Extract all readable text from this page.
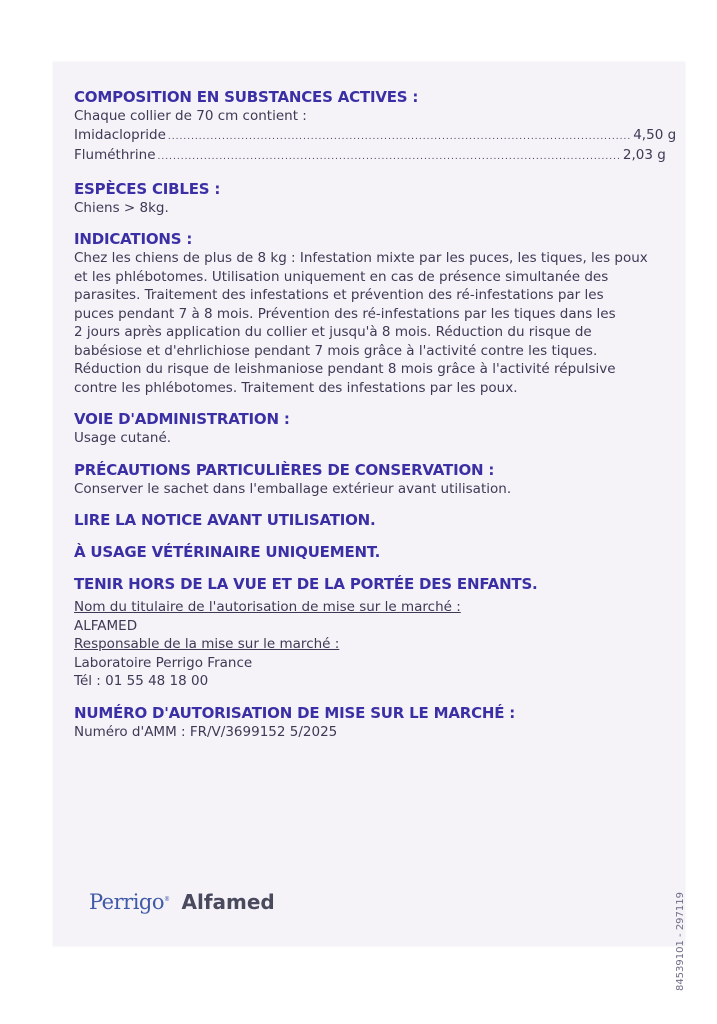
COMPOSITION EN SUBSTANCES ACTIVES :

Chaque collier de 70 cm contient :

Imidaclopride ........................................................................................................................ 4,50 g
Fluméthrine ........................................................................................................................ 2,03 g

ESPÈCES CIBLES :

Chiens > 8kg.

INDICATIONS :

Chez les chiens de plus de 8 kg : Infestation mixte par les puces, les tiques, les poux

et les phlébotomes. Utilisation uniquement en cas de présence simultanée des

parasites. Traitement des infestations et prévention des ré-infestations par les

puces pendant 7 à 8 mois. Prévention des ré-infestations par les tiques dans les

2 jours après application du collier et jusqu'à 8 mois. Réduction du risque de

babésiose et d'ehrlichiose pendant 7 mois grâce à l'activité contre les tiques.

Réduction du risque de leishmaniose pendant 8 mois grâce à l'activité répulsive

contre les phlébotomes. Traitement des infestations par les poux.

VOIE D'ADMINISTRATION :

Usage cutané.

PRÉCAUTIONS PARTICULIÈRES DE CONSERVATION :

Conserver le sachet dans l'emballage extérieur avant utilisation.

LIRE LA NOTICE AVANT UTILISATION.

À USAGE VÉTÉRINAIRE UNIQUEMENT.

TENIR HORS DE LA VUE ET DE LA PORTÉE DES ENFANTS.

Nom du titulaire de l'autorisation de mise sur le marché :

ALFAMED

Responsable de la mise sur le marché :

Laboratoire Perrigo France

Tél : 01 55 48 18 00

NUMÉRO D'AUTORISATION DE MISE SUR LE MARCHÉ :

Numéro d'AMM : FR/V/3699152 5/2025

84539101 - 297119
Perrigo® Alfamed
